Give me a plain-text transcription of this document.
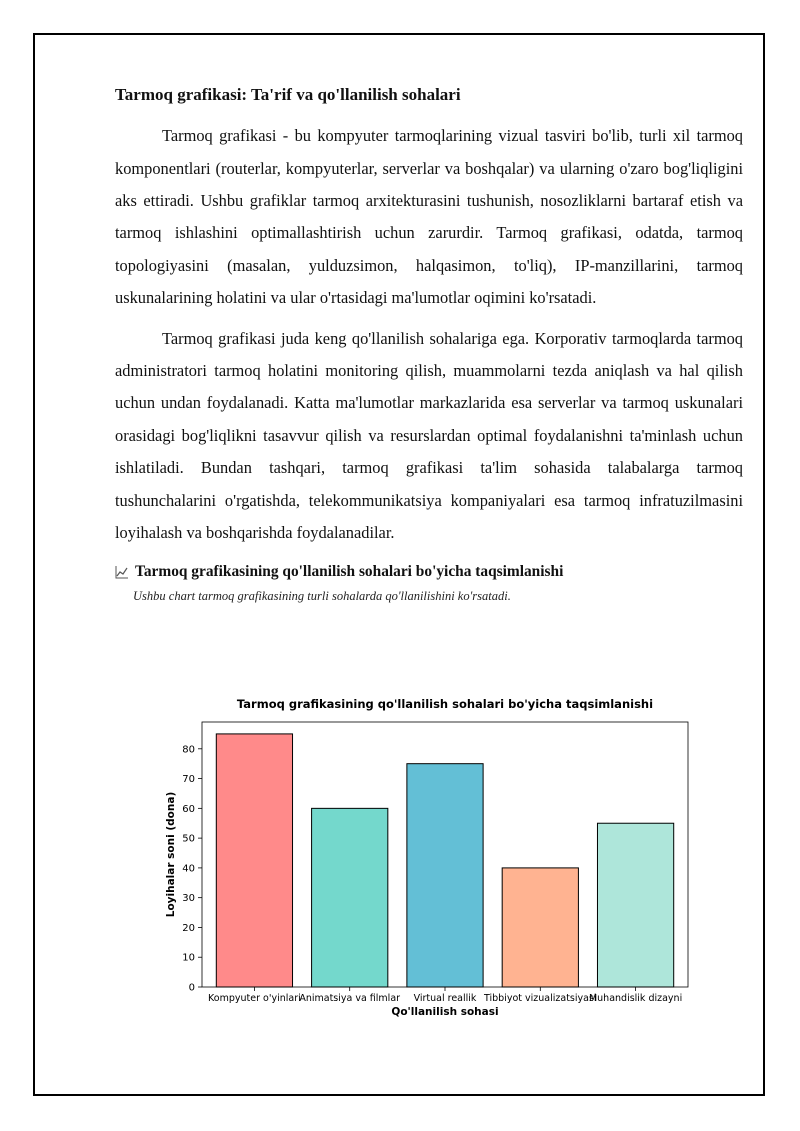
Tarmoq grafikasi: Ta'rif va qo'llanilish sohalari

Tarmoq grafikasi - bu kompyuter tarmoqlarining vizual tasviri bo'lib, turli xil tarmoq komponentlari (routerlar, kompyuterlar, serverlar va boshqalar) va ularning o'zaro bog'liqligini aks ettiradi. Ushbu grafiklar tarmoq arxitekturasini tushunish, nosozliklarni bartaraf etish va tarmoq ishlashini optimallashtirish uchun zarurdir. Tarmoq grafikasi, odatda, tarmoq topologiyasini (masalan, yulduzsimon, halqasimon, to'liq), IP-manzillarini, tarmoq uskunalarining holatini va ular o'rtasidagi ma'lumotlar oqimini ko'rsatadi.

Tarmoq grafikasi juda keng qo'llanilish sohalariga ega. Korporativ tarmoqlarda tarmoq administratori tarmoq holatini monitoring qilish, muammolarni tezda aniqlash va hal qilish uchun undan foydalanadi. Katta ma'lumotlar markazlarida esa serverlar va tarmoq uskunalari orasidagi bog'liqlikni tasavvur qilish va resurslardan optimal foydalanishni ta'minlash uchun ishlatiladi. Bundan tashqari, tarmoq grafikasi ta'lim sohasida talabalarga tarmoq tushunchalarini o'rgatishda, telekommunikatsiya kompaniyalari esa tarmoq infratuzilmasini loyihalash va boshqarishda foydalanadilar.

Tarmoq grafikasining qo'llanilish sohalari bo'yicha taqsimlanishi
Ushbu chart tarmoq grafikasining turli sohalarda qo'llanilishini ko'rsatadi.
Tarmoq grafikasining qo'llanilish sohalari bo'yicha taqsimlanishi
0
10
20
30
40
50
60
70
80
Kompyuter o'yinlari
Animatsiya va filmlar Virtual reallik Tibbiyot vizualizatsiyasi
Muhandislik dizayni
Qo'llanilish sohasi
Loyihalar soni (dona)
